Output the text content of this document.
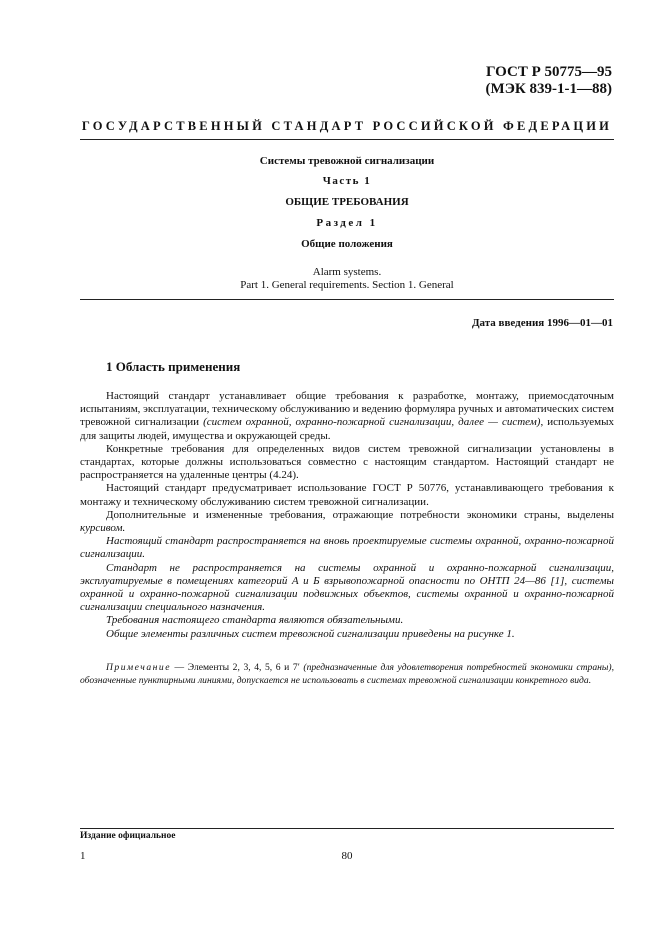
ГОСТ Р 50775—95
(МЭК 839-1-1—88)
ГОСУДАРСТВЕННЫЙ СТАНДАРТ РОССИЙСКОЙ ФЕДЕРАЦИИ
Системы тревожной сигнализации
Часть 1
ОБЩИЕ ТРЕБОВАНИЯ
Раздел 1
Общие положения
Alarm systems.
Part 1. General requirements. Section 1. General
Дата введения 1996—01—01
1 Область применения

Настоящий стандарт устанавливает общие требования к разработке, монтажу, приемосдаточным испытаниям, эксплуатации, техническому обслуживанию и ведению формуляра ручных и автоматических систем тревожной сигнализации (систем охранной, охранно-пожарной сигнализации, далее — систем), используемых для защиты людей, имущества и окружающей среды.

Конкретные требования для определенных видов систем тревожной сигнализации установлены в стандартах, которые должны использоваться совместно с настоящим стандартом. Настоящий стандарт не распространяется на удаленные центры (4.24).

Настоящий стандарт предусматривает использование ГОСТ Р 50776, устанавливающего требования к монтажу и техническому обслуживанию систем тревожной сигнализации.

Дополнительные и измененные требования, отражающие потребности экономики страны, выделены курсивом.

Настоящий стандарт распространяется на вновь проектируемые системы охранной, охранно-пожарной сигнализации.

Стандарт не распространяется на системы охранной и охранно-пожарной сигнализации, эксплуатируемые в помещениях категорий А и Б взрывопожарной опасности по ОНТП 24—86 [1], системы охранной и охранно-пожарной сигнализации подвижных объектов, системы охранной и охранно-пожарной сигнализации специального назначения.

Требования настоящего стандарта являются обязательными.

Общие элементы различных систем тревожной сигнализации приведены на рисунке 1.

Примечание — Элементы 2, 3, 4, 5, 6 и 7′ (предназначенные для удовлетворения потребностей экономики страны), обозначенные пунктирными линиями, допускается не использовать в системах тревожной сигнализации конкретного вида.
Издание официальное
1	80
